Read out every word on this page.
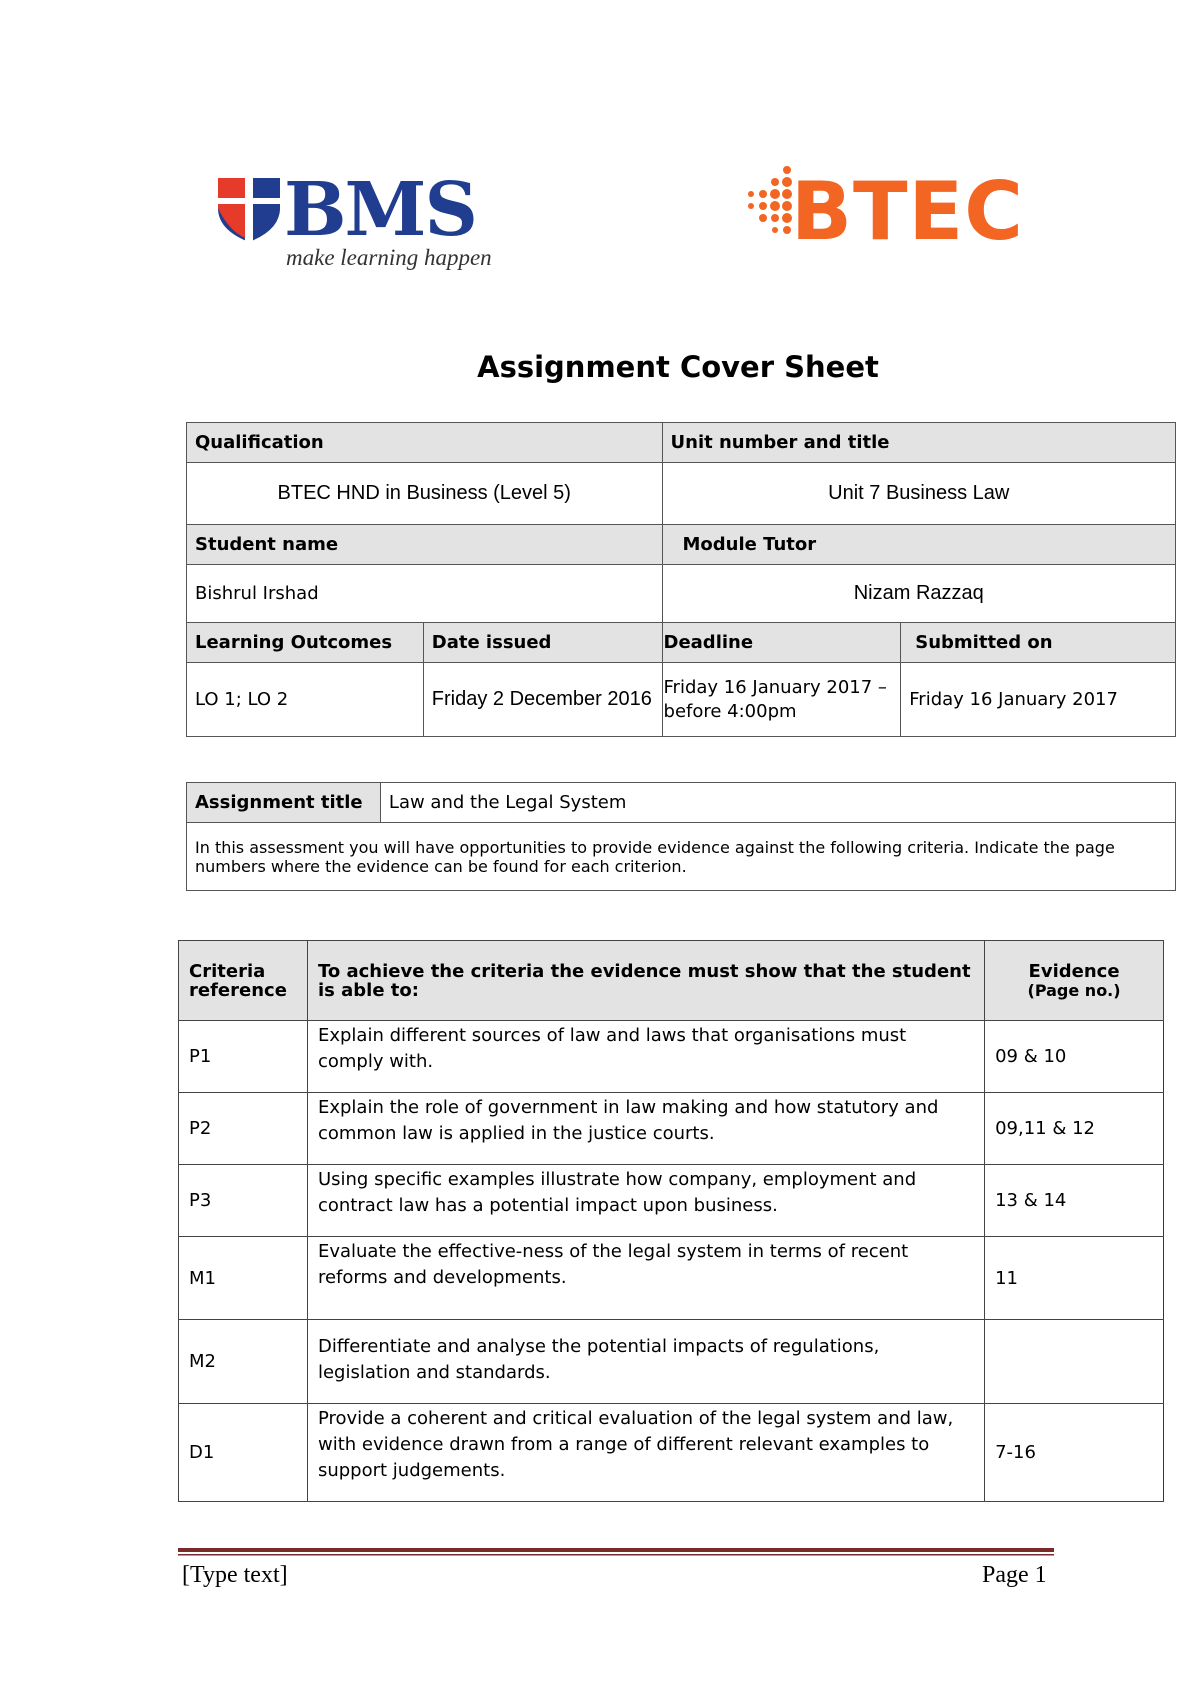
BMS
make learning happen	BTEC
Assignment Cover Sheet
Qualification		Unit number and title	
BTEC HND in Business (Level 5)		Unit 7 Business Law	
Student name		Module Tutor	
Bishrul Irshad		Nizam Razzaq	
Learning Outcomes	Date issued	Deadline	Submitted on
LO 1; LO 2	Friday 2 December 2016	Friday 16 January 2017 – before 4:00pm	Friday 16 January 2017
Assignment title	Law and the Legal System
In this assessment you will have opportunities to provide evidence against the following criteria. Indicate the page numbers where the evidence can be found for each criterion.
Criteria reference	To achieve the criteria the evidence must show that the student is able to:	Evidence
(Page no.)

P1	Explain different sources of law and laws that organisations must comply with.	09 & 10
P2	Explain the role of government in law making and how statutory and common law is applied in the justice courts.	09,11 & 12
P3	Using specific examples illustrate how company, employment and contract law has a potential impact upon business.	13 & 14
M1	Evaluate the effective-ness of the legal system in terms of recent reforms and developments.	11
M2	Differentiate and analyse the potential impacts of regulations, legislation and standards.	
D1	Provide a coherent and critical evaluation of the legal system and law, with evidence drawn from a range of different relevant examples to support judgements.	7-16
[Type text]	Page 1
